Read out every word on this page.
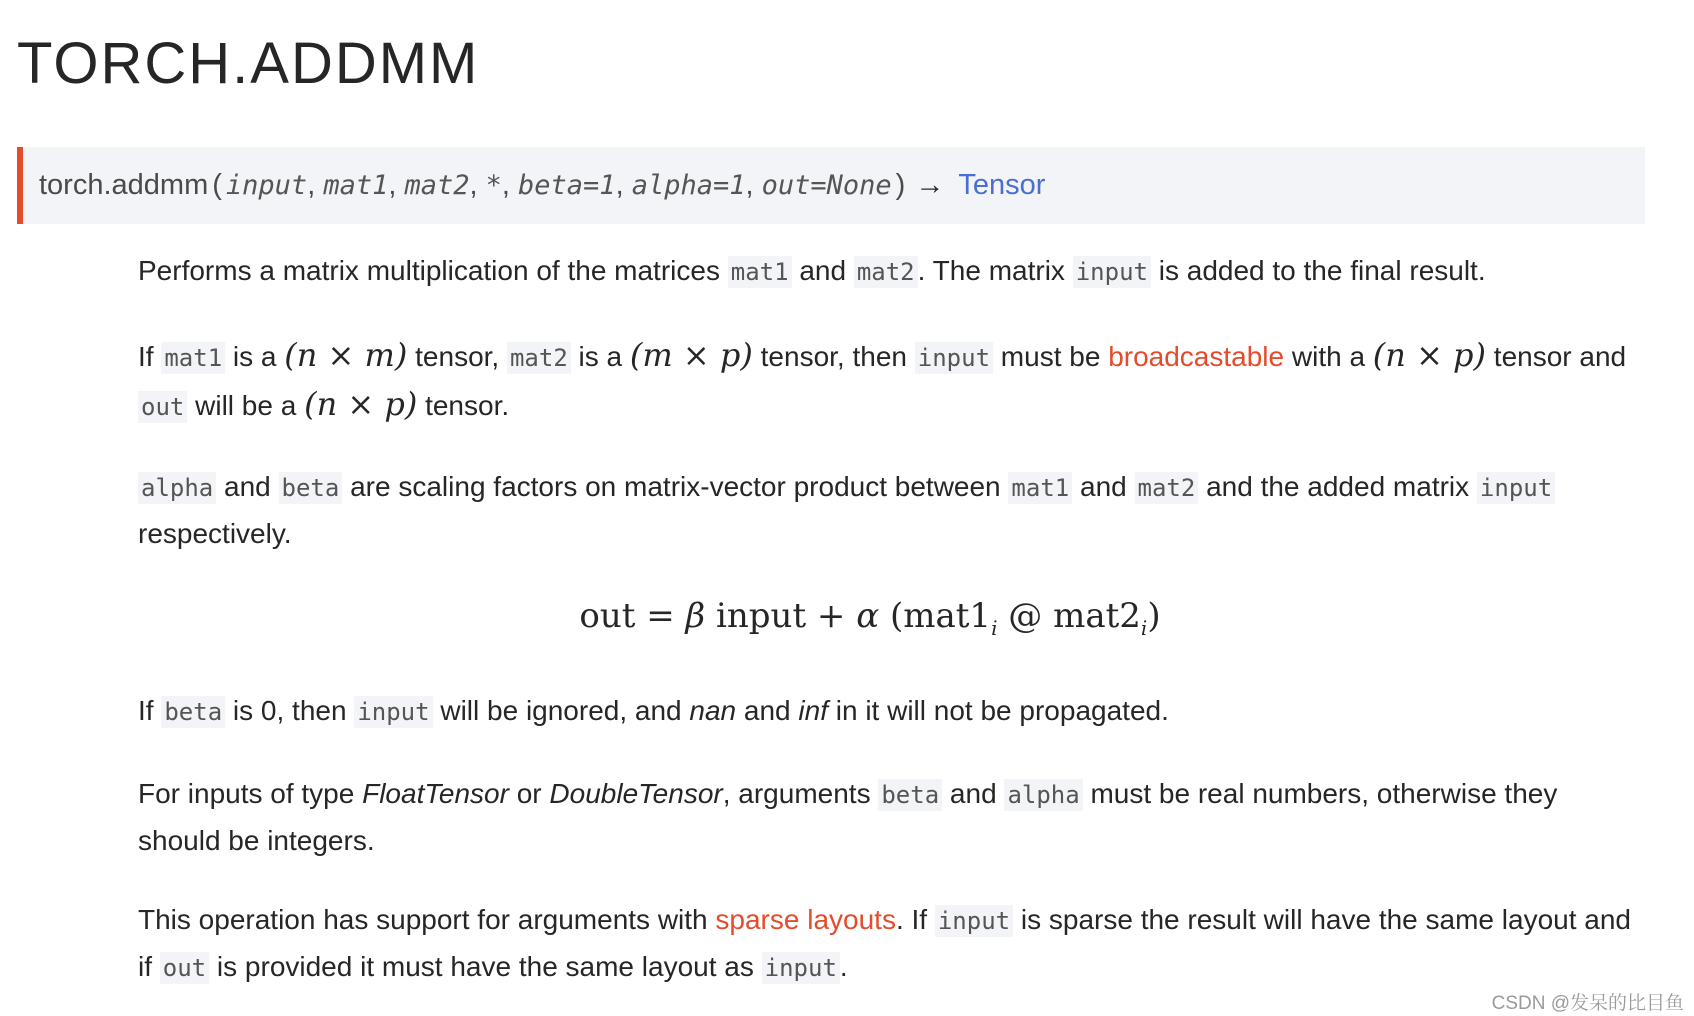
TORCH.ADDMM
torch.addmm ( input , mat1 , mat2 , * , beta=1 , alpha=1 , out=None ) → Tensor
Performs a matrix multiplication of the matrices mat1 and mat2 . The matrix input is added to the final result.
If mat1 is a (n × m) tensor, mat2 is a (m × p) tensor, then input must be broadcastable with a (n × p) tensor and out will be a (n × p) tensor.
alpha and beta are scaling factors on matrix-vector product between mat1 and mat2 and the added matrix input respectively.
out = β input + α ($mat1_i$ @ $mat2_i$)
If beta is 0, then input will be ignored, and nan and inf in it will not be propagated.
For inputs of type FloatTensor or DoubleTensor, arguments beta and alpha must be real numbers, otherwise they should be integers.
This operation has support for arguments with sparse layouts. If input is sparse the result will have the same layout and if out is provided it must have the same layout as input .
CSDN @发呆的比目鱼
